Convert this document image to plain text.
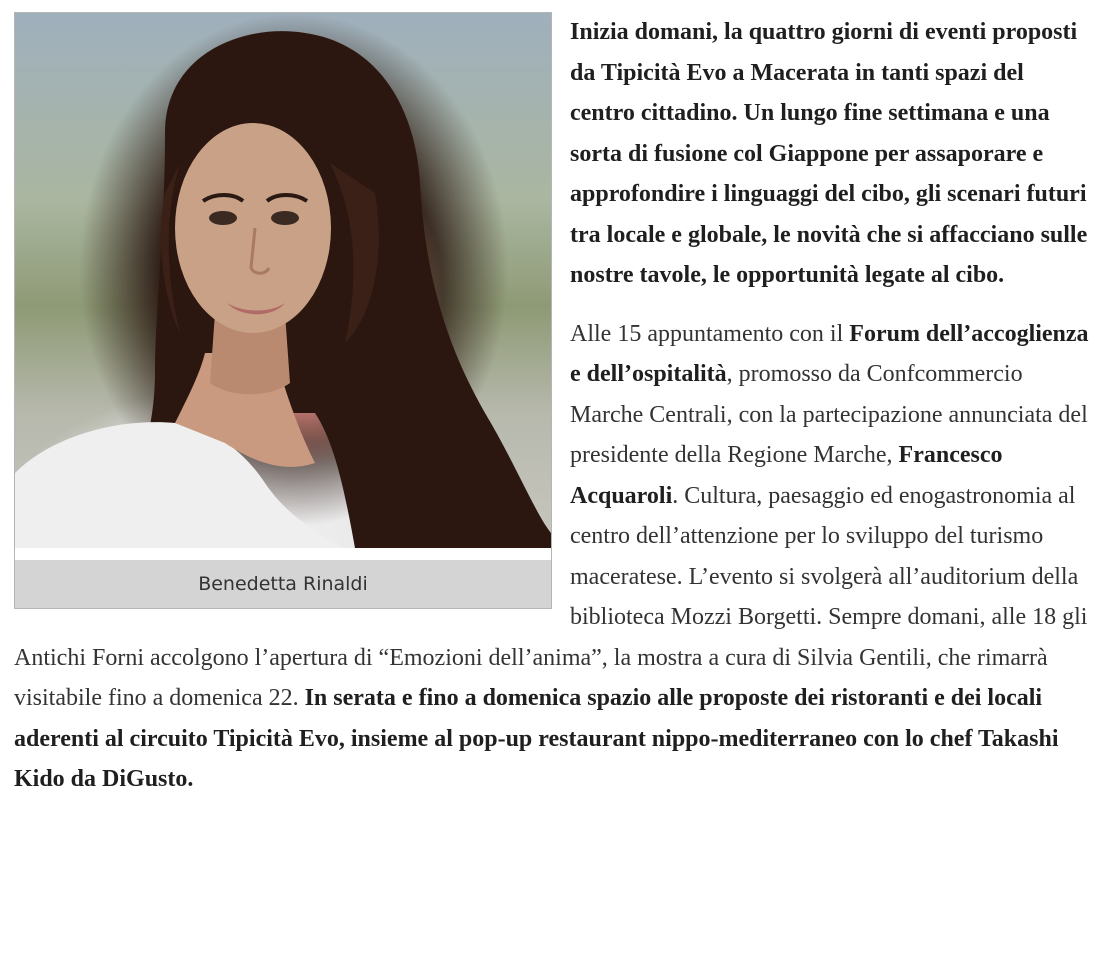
Benedetta Rinaldi

Inizia domani, la quattro giorni di eventi proposti da Tipicità Evo a Macerata in tanti spazi del centro cittadino. Un lungo fine settimana e una sorta di fusione col Giappone per assaporare e approfondire i linguaggi del cibo, gli scenari futuri tra locale e globale, le novità che si affacciano sulle nostre tavole, le opportunità legate al cibo.

Alle 15 appuntamento con il Forum dell’accoglienza e dell’ospitalità, promosso da Confcommercio Marche Centrali, con la partecipazione annunciata del presidente della Regione Marche, Francesco Acquaroli. Cultura, paesaggio ed enogastronomia al centro dell’attenzione per lo sviluppo del turismo maceratese. L’evento si svolgerà all’auditorium della biblioteca Mozzi Borgetti. Sempre domani, alle 18 gli Antichi Forni accolgono l’apertura di “Emozioni dell’anima”, la mostra a cura di Silvia Gentili, che rimarrà visitabile fino a domenica 22. In serata e fino a domenica spazio alle proposte dei ristoranti e dei locali aderenti al circuito Tipicità Evo, insieme al pop-up restaurant nippo-mediterraneo con lo chef Takashi Kido da DiGusto.
